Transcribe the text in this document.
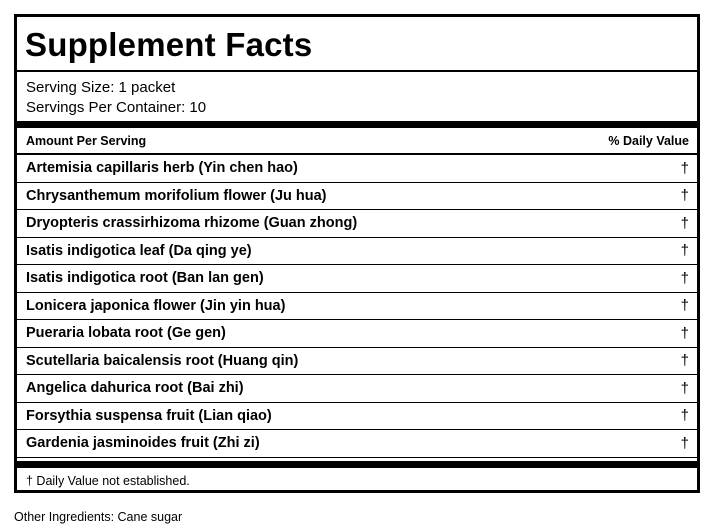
Supplement Facts
Serving Size: 1 packet
Servings Per Container: 10
Amount Per Serving	% Daily Value
Artemisia capillaris herb (Yin chen hao)	†
Chrysanthemum morifolium flower (Ju hua)	†
Dryopteris crassirhizoma rhizome (Guan zhong)	†
Isatis indigotica leaf (Da qing ye)	†
Isatis indigotica root (Ban lan gen)	†
Lonicera japonica flower (Jin yin hua)	†
Pueraria lobata root (Ge gen)	†
Scutellaria baicalensis root (Huang qin)	†
Angelica dahurica root (Bai zhi)	†
Forsythia suspensa fruit (Lian qiao)	†
Gardenia jasminoides fruit (Zhi zi)	†
† Daily Value not established.
Other Ingredients: Cane sugar
